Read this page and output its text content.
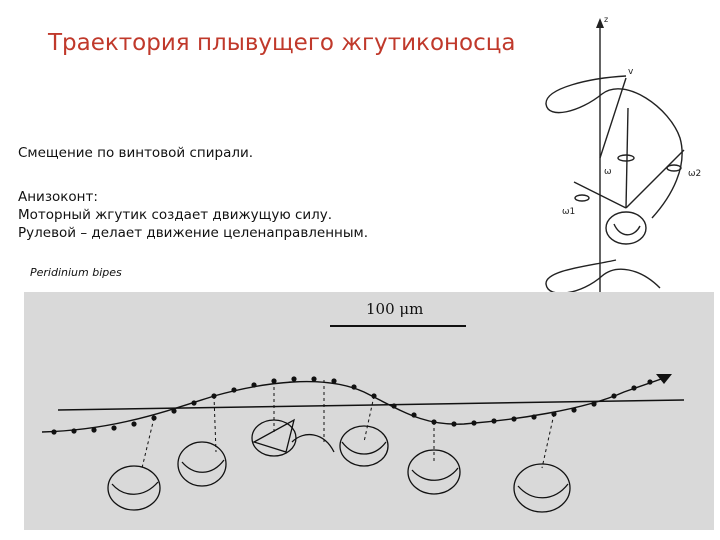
Траектория плывущего жгутиконосца
Смещение по винтовой спирали.
Анизоконт:
Моторный жгутик создает движущую силу.
Рулевой – делает движение целенаправленным.
Peridinium bipes
z
v
ω
ω1
ω2
100 μm
